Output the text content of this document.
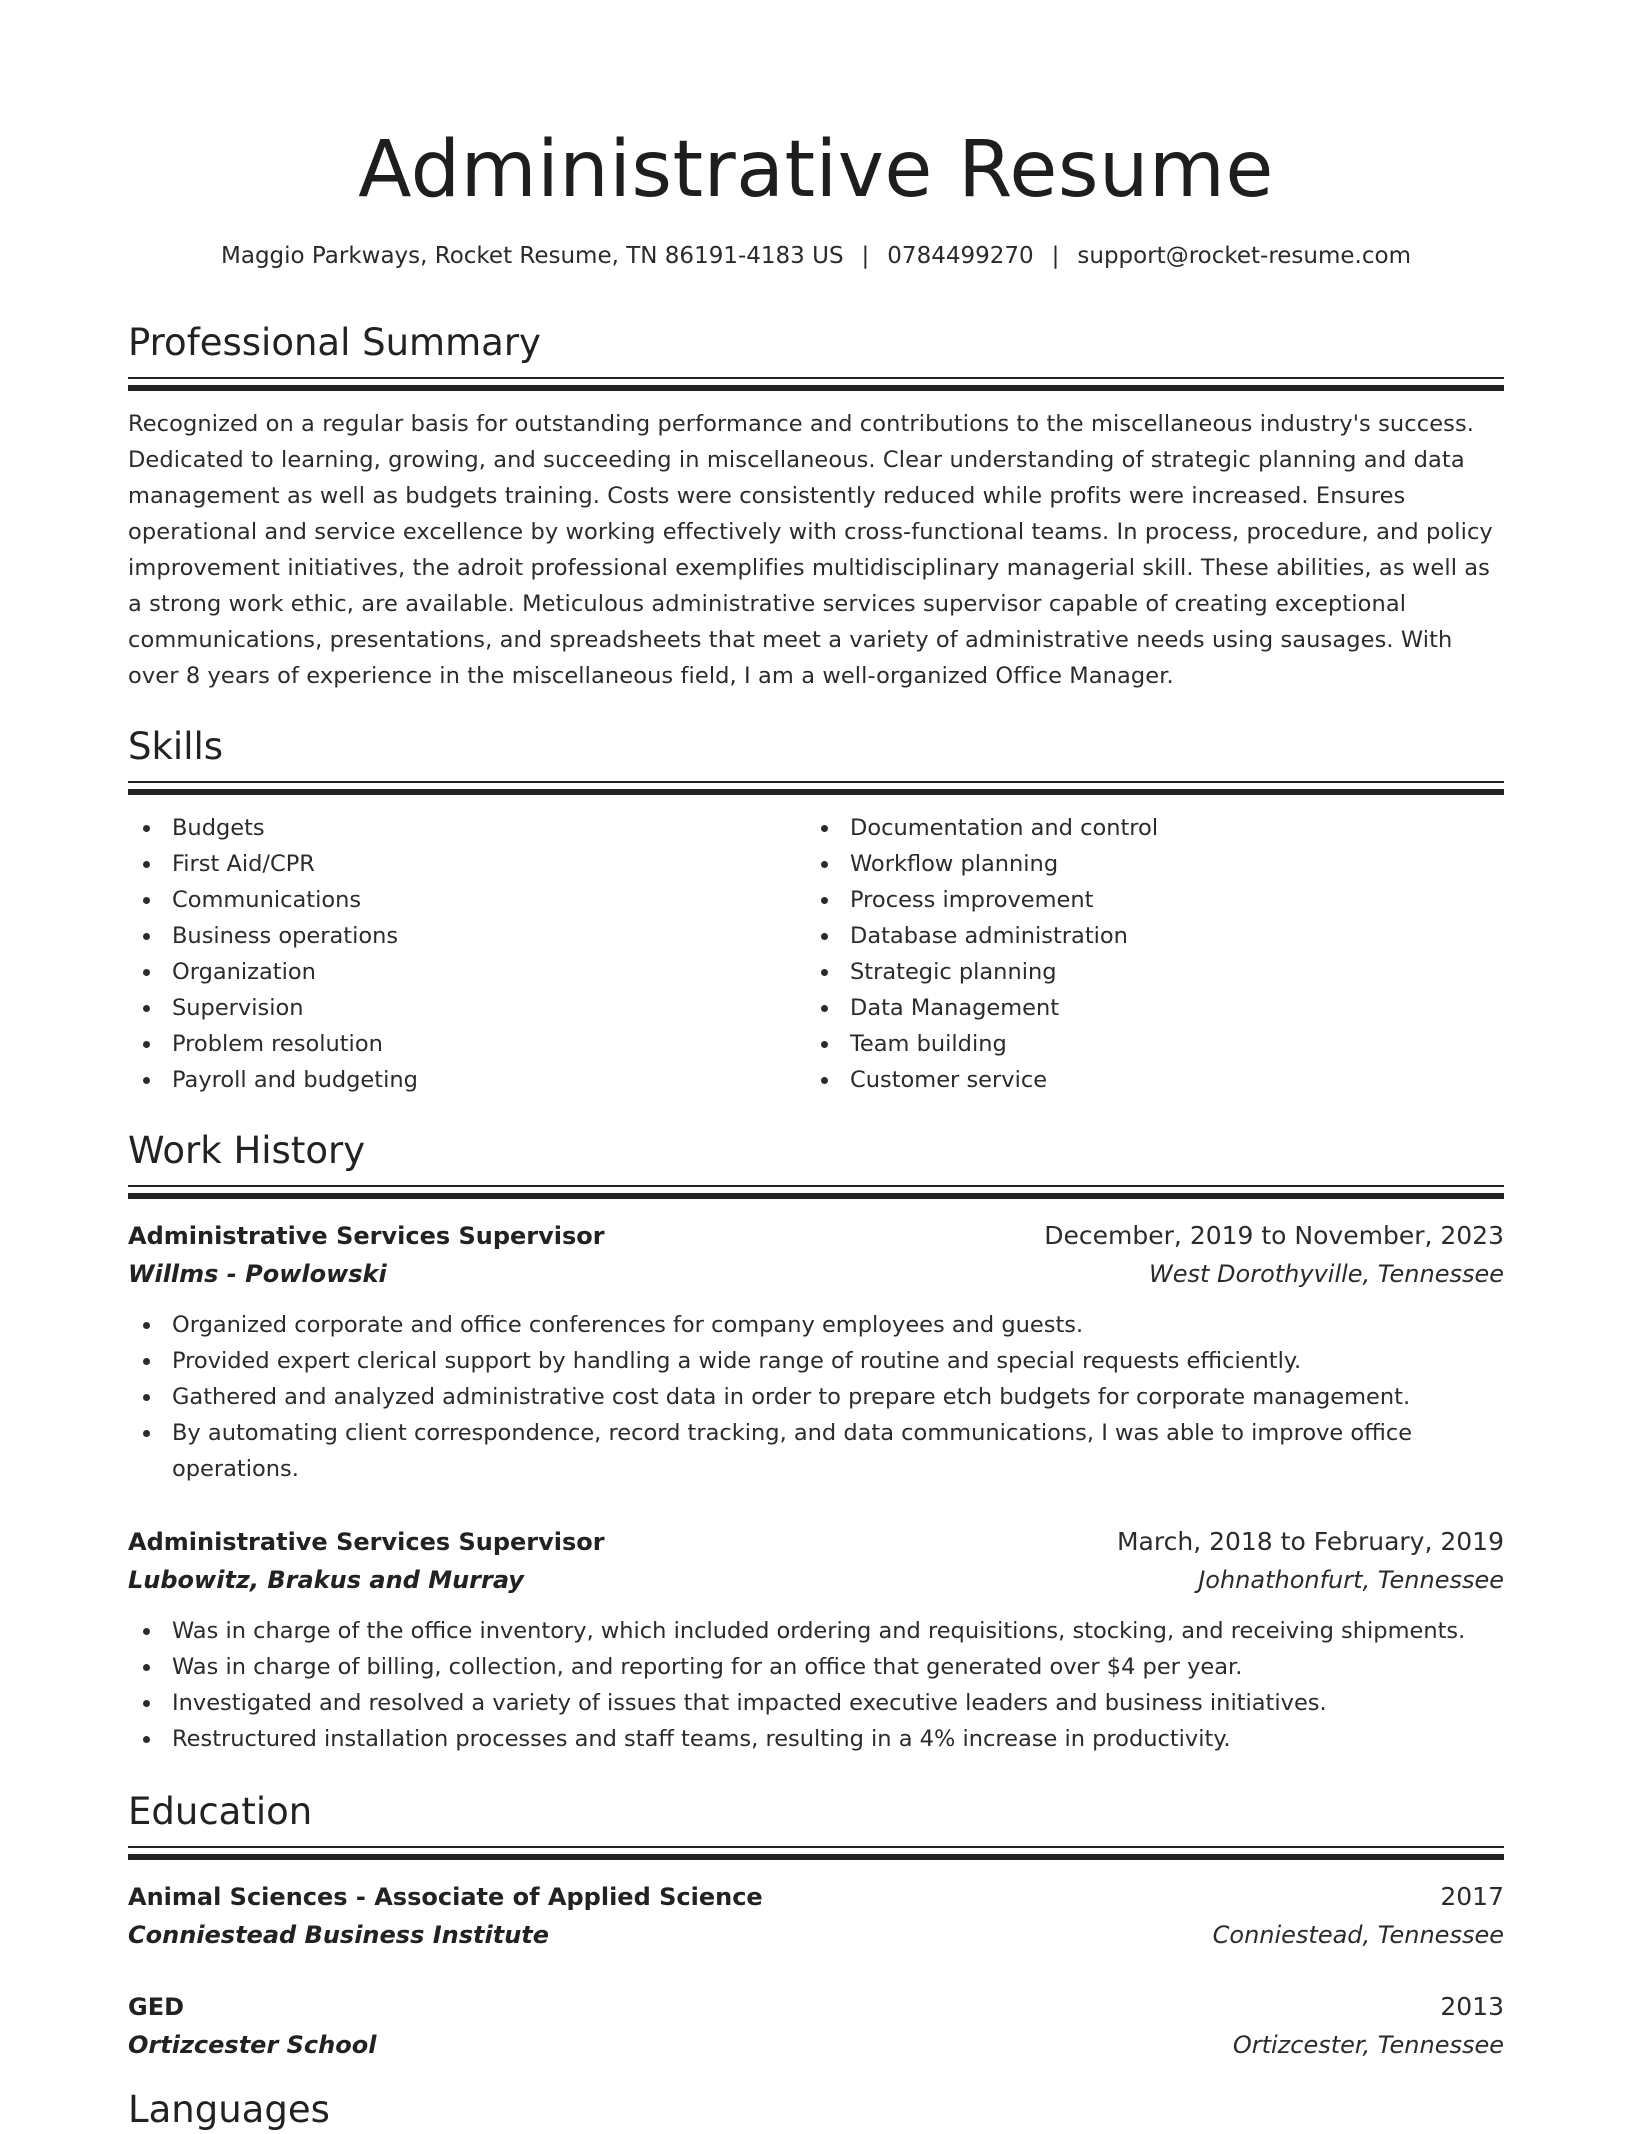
Administrative Resume
Maggio Parkways, Rocket Resume, TN 86191-4183 US | 0784499270 | support@rocket-resume.com
Professional Summary

Recognized on a regular basis for outstanding performance and contributions to the miscellaneous industry's success. Dedicated to learning, growing, and succeeding in miscellaneous. Clear understanding of strategic planning and data management as well as budgets training. Costs were consistently reduced while profits were increased. Ensures operational and service excellence by working effectively with cross-functional teams. In process, procedure, and policy improvement initiatives, the adroit professional exemplifies multidisciplinary managerial skill. These abilities, as well as a strong work ethic, are available. Meticulous administrative services supervisor capable of creating exceptional communications, presentations, and spreadsheets that meet a variety of administrative needs using sausages. With over 8 years of experience in the miscellaneous field, I am a well-organized Office Manager.

Skills
Budgets
First Aid/CPR
Communications
Business operations
Organization
Supervision
Problem resolution
Payroll and budgeting
Documentation and control
Workflow planning
Process improvement
Database administration
Strategic planning
Data Management
Team building
Customer service
Work History
Administrative Services Supervisor	December, 2019 to November, 2023
Willms - Powlowski	West Dorothyville, Tennessee
Organized corporate and office conferences for company employees and guests.
Provided expert clerical support by handling a wide range of routine and special requests efficiently.
Gathered and analyzed administrative cost data in order to prepare etch budgets for corporate management.
By automating client correspondence, record tracking, and data communications, I was able to improve office operations.
Administrative Services Supervisor	March, 2018 to February, 2019
Lubowitz, Brakus and Murray	Johnathonfurt, Tennessee
Was in charge of the office inventory, which included ordering and requisitions, stocking, and receiving shipments.
Was in charge of billing, collection, and reporting for an office that generated over $4 per year.
Investigated and resolved a variety of issues that impacted executive leaders and business initiatives.
Restructured installation processes and staff teams, resulting in a 4% increase in productivity.
Education
Animal Sciences - Associate of Applied Science	2017
Conniestead Business Institute	Conniestead, Tennessee
GED	2013
Ortizcester School	Ortizcester, Tennessee
Languages
